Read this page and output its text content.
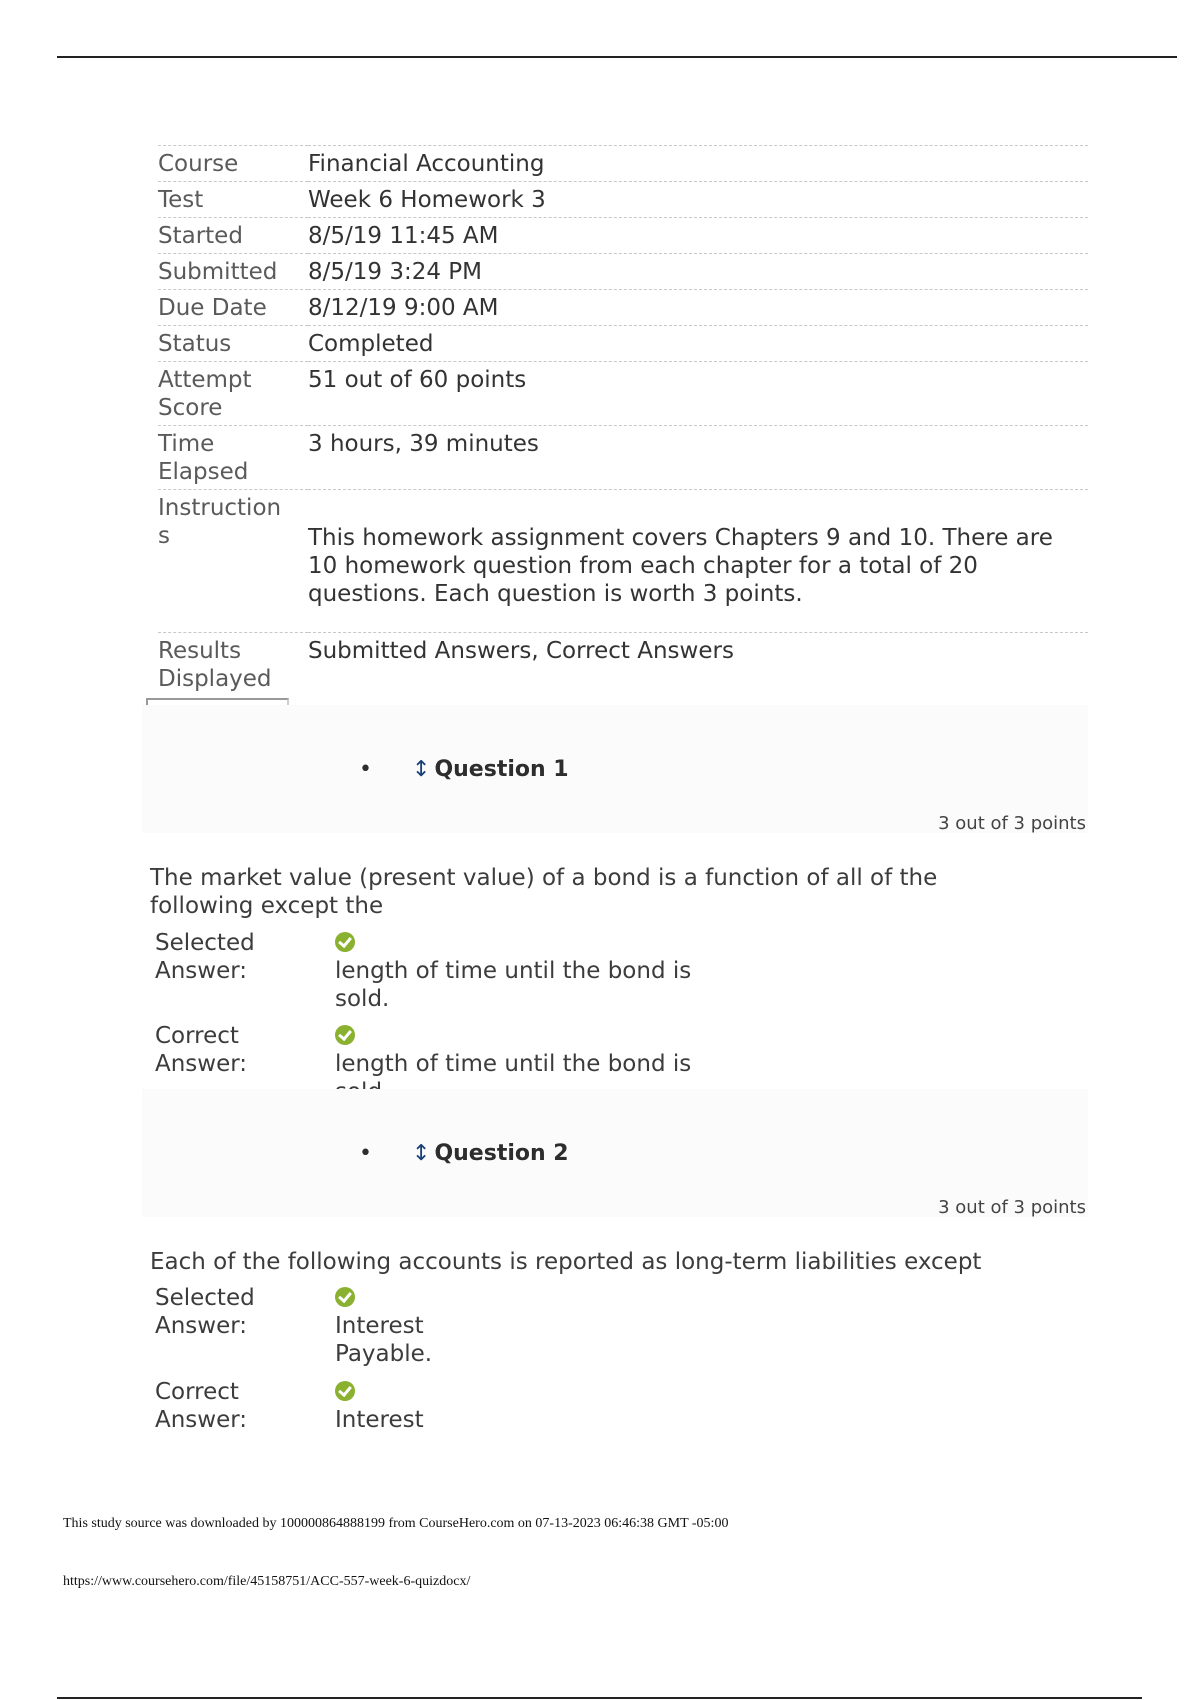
Course	Financial Accounting
Test	Week 6 Homework 3
Started	8/5/19 11:45 AM
Submitted	8/5/19 3:24 PM
Due Date	8/12/19 9:00 AM
Status	Completed
Attempt
Score	51 out of 60 points
Time
Elapsed	3 hours, 39 minutes
Instruction
s	This homework assignment covers Chapters 9 and 10. There are 10 homework question from each chapter for a total of 20 questions. Each question is worth 3 points.

Results
Displayed	Submitted Answers, Correct Answers
• ↕ Question 1
3 out of 3 points
The market value (present value) of a bond is a function of all of the following except the
Selected
Answer:	length of time until the bond is sold.
Correct
Answer:	length of time until the bond is
• ↕ Question 2
3 out of 3 points
Each of the following accounts is reported as long-term liabilities except
Selected
Answer:	Interest Payable.
Correct
Answer:	Interest
This study source was downloaded by 100000864888199 from CourseHero.com on 07-13-2023 06:46:38 GMT -05:00
https://www.coursehero.com/file/45158751/ACC-557-week-6-quizdocx/
